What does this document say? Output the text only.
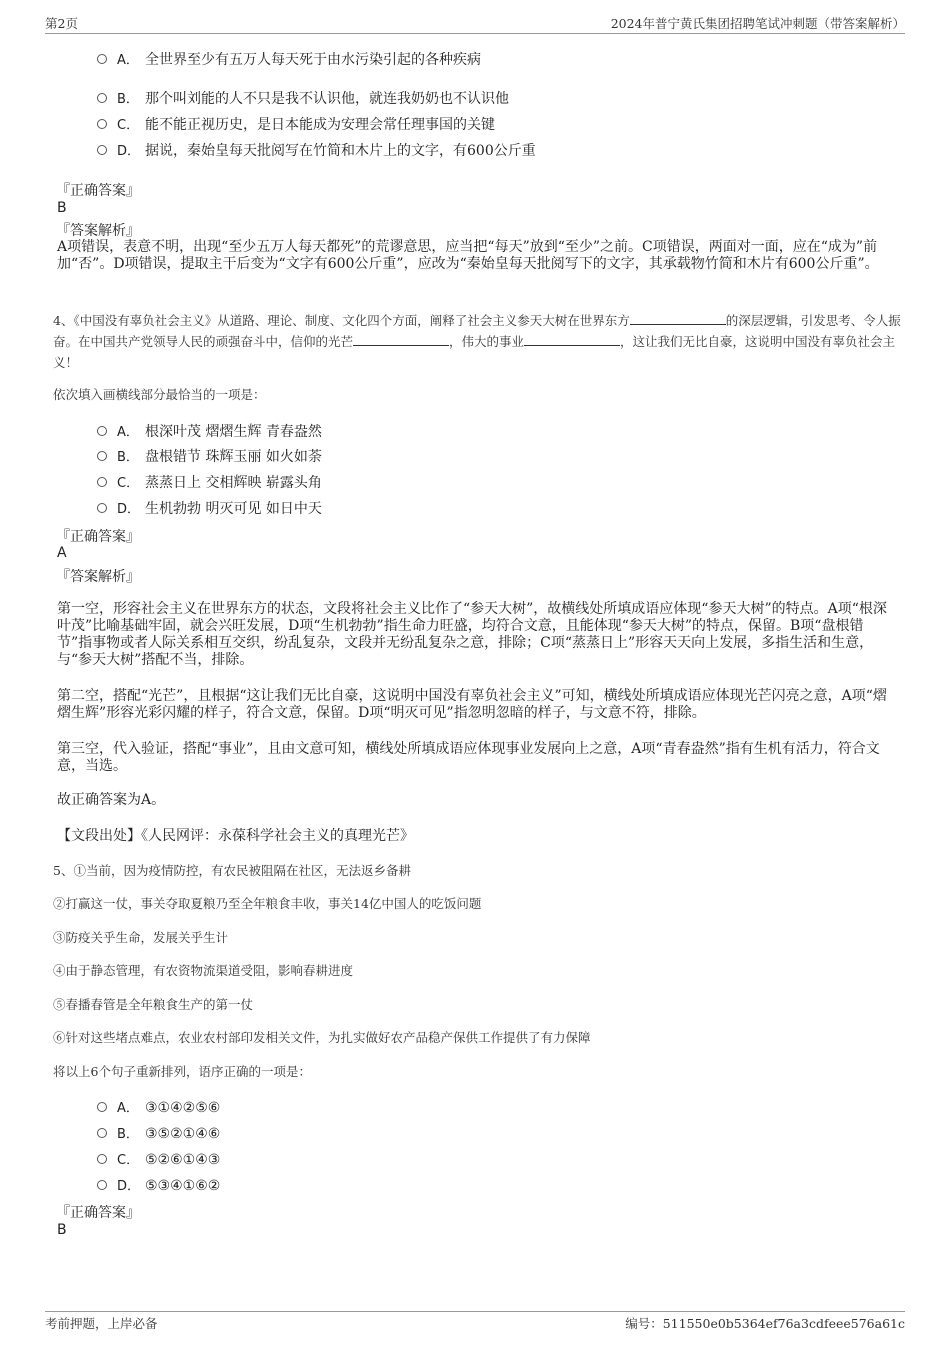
第2页	2024年普宁黄氏集团招聘笔试冲刺题（带答案解析）
A． 全世界至少有五万人每天死于由水污染引起的各种疾病
B． 那个叫刘能的人不只是我不认识他，就连我奶奶也不认识他
C． 能不能正视历史，是日本能成为安理会常任理事国的关键
D． 据说，秦始皇每天批阅写在竹简和木片上的文字，有600公斤重
『正确答案』
B
『答案解析』
A项错误，表意不明，出现“至少五万人每天都死”的荒谬意思，应当把“每天”放到“至少”之前。C项错误，两面对一面，应在“成为”前加“否”。D项错误，提取主干后变为“文字有600公斤重”，应改为“秦始皇每天批阅写下的文字，其承载物竹简和木片有600公斤重”。
4、《中国没有辜负社会主义》从道路、理论、制度、文化四个方面，阐释了社会主义参天大树在世界东方	的深层逻辑，引发思考、令人振奋。在中国共产党领导人民的顽强奋斗中，信仰的光芒	，伟大的事业	，这让我们无比自豪，这说明中国没有辜负社会主义！
依次填入画横线部分最恰当的一项是：
A． 根深叶茂 熠熠生辉 青春盎然
B． 盘根错节 珠辉玉丽 如火如荼
C． 蒸蒸日上 交相辉映 崭露头角
D． 生机勃勃 明灭可见 如日中天
『正确答案』
A
『答案解析』
第一空，形容社会主义在世界东方的状态，文段将社会主义比作了“参天大树”，故横线处所填成语应体现“参天大树”的特点。A项“根深叶茂”比喻基础牢固，就会兴旺发展，D项“生机勃勃”指生命力旺盛，均符合文意，且能体现“参天大树”的特点，保留。B项“盘根错节”指事物或者人际关系相互交织，纷乱复杂，文段并无纷乱复杂之意，排除；C项“蒸蒸日上”形容天天向上发展，多指生活和生意，与“参天大树”搭配不当，排除。
第二空，搭配“光芒”，且根据“这让我们无比自豪，这说明中国没有辜负社会主义”可知，横线处所填成语应体现光芒闪亮之意，A项“熠熠生辉”形容光彩闪耀的样子，符合文意，保留。D项“明灭可见”指忽明忽暗的样子，与文意不符，排除。
第三空，代入验证，搭配“事业”，且由文意可知，横线处所填成语应体现事业发展向上之意，A项“青春盎然”指有生机有活力，符合文意，当选。
故正确答案为A。
【文段出处】《人民网评：永葆科学社会主义的真理光芒》
5、①当前，因为疫情防控，有农民被阻隔在社区，无法返乡备耕
②打赢这一仗，事关夺取夏粮乃至全年粮食丰收，事关14亿中国人的吃饭问题
③防疫关乎生命，发展关乎生计
④由于静态管理，有农资物流渠道受阻，影响春耕进度
⑤春播春管是全年粮食生产的第一仗
⑥针对这些堵点难点，农业农村部印发相关文件，为扎实做好农产品稳产保供工作提供了有力保障
将以上6个句子重新排列，语序正确的一项是：
A． ③①④②⑤⑥
B． ③⑤②①④⑥
C． ⑤②⑥①④③
D． ⑤③④①⑥②
『正确答案』
B
考前押题，上岸必备	编号：511550e0b5364ef76a3cdfeee576a61c
